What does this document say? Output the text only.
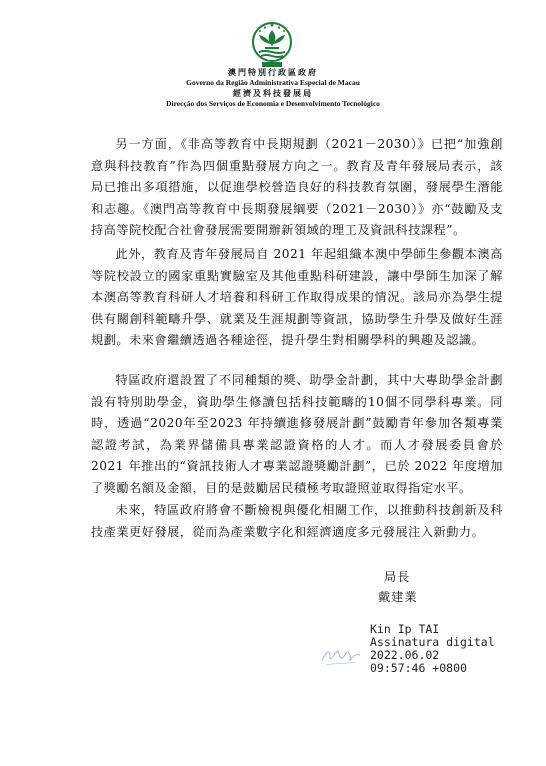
澳門特別行政區政府
Governo da Região Administrativa Especial de Macau
經濟及科技發展局
Direcção dos Serviços de Economia e Desenvolvimento Tecnológico

另一方面，《非高等教育中長期規劃（2021－2030）》已把“加強創意與科技教育”作為四個重點發展方向之一。教育及青年發展局表示，該局已推出多項措施，以促進學校營造良好的科技教育氛圍，發展學生潛能和志趣。《澳門高等教育中長期發展綱要（2021－2030）》亦“鼓勵及支持高等院校配合社會發展需要開辦新領域的理工及資訊科技課程”。

此外，教育及青年發展局自 2021 年起組織本澳中學師生參觀本澳高等院校設立的國家重點實驗室及其他重點科研建設，讓中學師生加深了解本澳高等教育科研人才培養和科研工作取得成果的情況。該局亦為學生提供有關創科範疇升學、就業及生涯規劃等資訊，協助學生升學及做好生涯規劃。未來會繼續透過各種途徑，提升學生對相關學科的興趣及認識。

特區政府還設置了不同種類的獎、助學金計劃，其中大專助學金計劃設有特別助學金，資助學生修讀包括科技範疇的10個不同學科專業。同時，透過“2020年至2023 年持續進修發展計劃”鼓勵青年參加各類專業認證考試，為業界儲備具專業認證資格的人才。而人才發展委員會於2021 年推出的“資訊技術人才專業認證獎勵計劃”，已於 2022 年度增加了獎勵名額及金額，目的是鼓勵居民積極考取證照並取得指定水平。

未來，特區政府將會不斷檢視與優化相關工作，以推動科技創新及科技產業更好發展，從而為產業數字化和經濟適度多元發展注入新動力。

局長
戴建業
Kin Ip TAI
Assinatura digital
2022.06.02
09:57:46 +0800
